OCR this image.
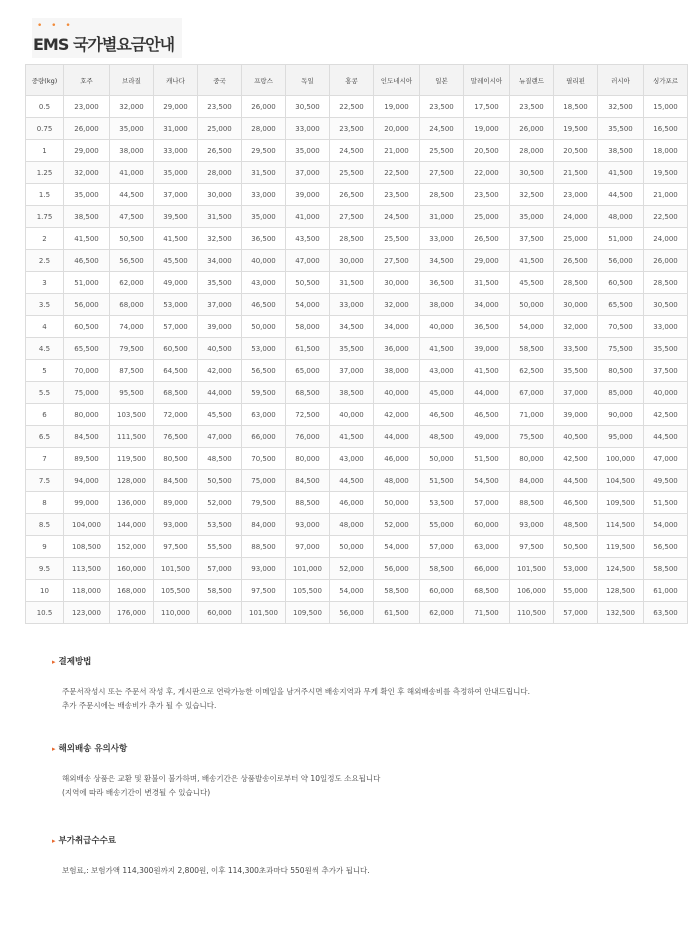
• • •
EMS 국가별요금안내
중량(kg)	호주	브라질	캐나다	중국	프랑스	독일	홍콩	인도네시아	일본	말레이시아	뉴질랜드	필리핀	러시아	싱가포르
0.5	23,000	32,000	29,000	23,500	26,000	30,500	22,500	19,000	23,500	17,500	23,500	18,500	32,500	15,000
0.75	26,000	35,000	31,000	25,000	28,000	33,000	23,500	20,000	24,500	19,000	26,000	19,500	35,500	16,500
1	29,000	38,000	33,000	26,500	29,500	35,000	24,500	21,000	25,500	20,500	28,000	20,500	38,500	18,000
1.25	32,000	41,000	35,000	28,000	31,500	37,000	25,500	22,500	27,500	22,000	30,500	21,500	41,500	19,500
1.5	35,000	44,500	37,000	30,000	33,000	39,000	26,500	23,500	28,500	23,500	32,500	23,000	44,500	21,000
1.75	38,500	47,500	39,500	31,500	35,000	41,000	27,500	24,500	31,000	25,000	35,000	24,000	48,000	22,500
2	41,500	50,500	41,500	32,500	36,500	43,500	28,500	25,500	33,000	26,500	37,500	25,000	51,000	24,000
2.5	46,500	56,500	45,500	34,000	40,000	47,000	30,000	27,500	34,500	29,000	41,500	26,500	56,000	26,000
3	51,000	62,000	49,000	35,500	43,000	50,500	31,500	30,000	36,500	31,500	45,500	28,500	60,500	28,500
3.5	56,000	68,000	53,000	37,000	46,500	54,000	33,000	32,000	38,000	34,000	50,000	30,000	65,500	30,500
4	60,500	74,000	57,000	39,000	50,000	58,000	34,500	34,000	40,000	36,500	54,000	32,000	70,500	33,000
4.5	65,500	79,500	60,500	40,500	53,000	61,500	35,500	36,000	41,500	39,000	58,500	33,500	75,500	35,500
5	70,000	87,500	64,500	42,000	56,500	65,000	37,000	38,000	43,000	41,500	62,500	35,500	80,500	37,500
5.5	75,000	95,500	68,500	44,000	59,500	68,500	38,500	40,000	45,000	44,000	67,000	37,000	85,000	40,000
6	80,000	103,500	72,000	45,500	63,000	72,500	40,000	42,000	46,500	46,500	71,000	39,000	90,000	42,500
6.5	84,500	111,500	76,500	47,000	66,000	76,000	41,500	44,000	48,500	49,000	75,500	40,500	95,000	44,500
7	89,500	119,500	80,500	48,500	70,500	80,000	43,000	46,000	50,000	51,500	80,000	42,500	100,000	47,000
7.5	94,000	128,000	84,500	50,500	75,000	84,500	44,500	48,000	51,500	54,500	84,000	44,500	104,500	49,500
8	99,000	136,000	89,000	52,000	79,500	88,500	46,000	50,000	53,500	57,000	88,500	46,500	109,500	51,500
8.5	104,000	144,000	93,000	53,500	84,000	93,000	48,000	52,000	55,000	60,000	93,000	48,500	114,500	54,000
9	108,500	152,000	97,500	55,500	88,500	97,000	50,000	54,000	57,000	63,000	97,500	50,500	119,500	56,500
9.5	113,500	160,000	101,500	57,000	93,000	101,000	52,000	56,000	58,500	66,000	101,500	53,000	124,500	58,500
10	118,000	168,000	105,500	58,500	97,500	105,500	54,000	58,500	60,000	68,500	106,000	55,000	128,500	61,000
10.5	123,000	176,000	110,000	60,000	101,500	109,500	56,000	61,500	62,000	71,500	110,500	57,000	132,500	63,500
▸ 결제방법

주문서작성시 또는 주문서 작성 후, 게시판으로 연락가능한 이메일을 남겨주시면 배송지역과 무게 확인 후 해외배송비를 측정하여 안내드립니다.

추가 주문시에는 배송비가 추가 될 수 있습니다.

▸ 해외배송 유의사항

해외배송 상품은 교환 및 환불이 불가하며, 배송기간은 상품발송이로부터 약 10일정도 소요됩니다

(지역에 따라 배송기간이 변경될 수 있습니다)

▸ 부가취급수수료

보험료,: 보험가액 114,300원까지 2,800원, 이후 114,300초과마다 550원씩 추가가 됩니다.
